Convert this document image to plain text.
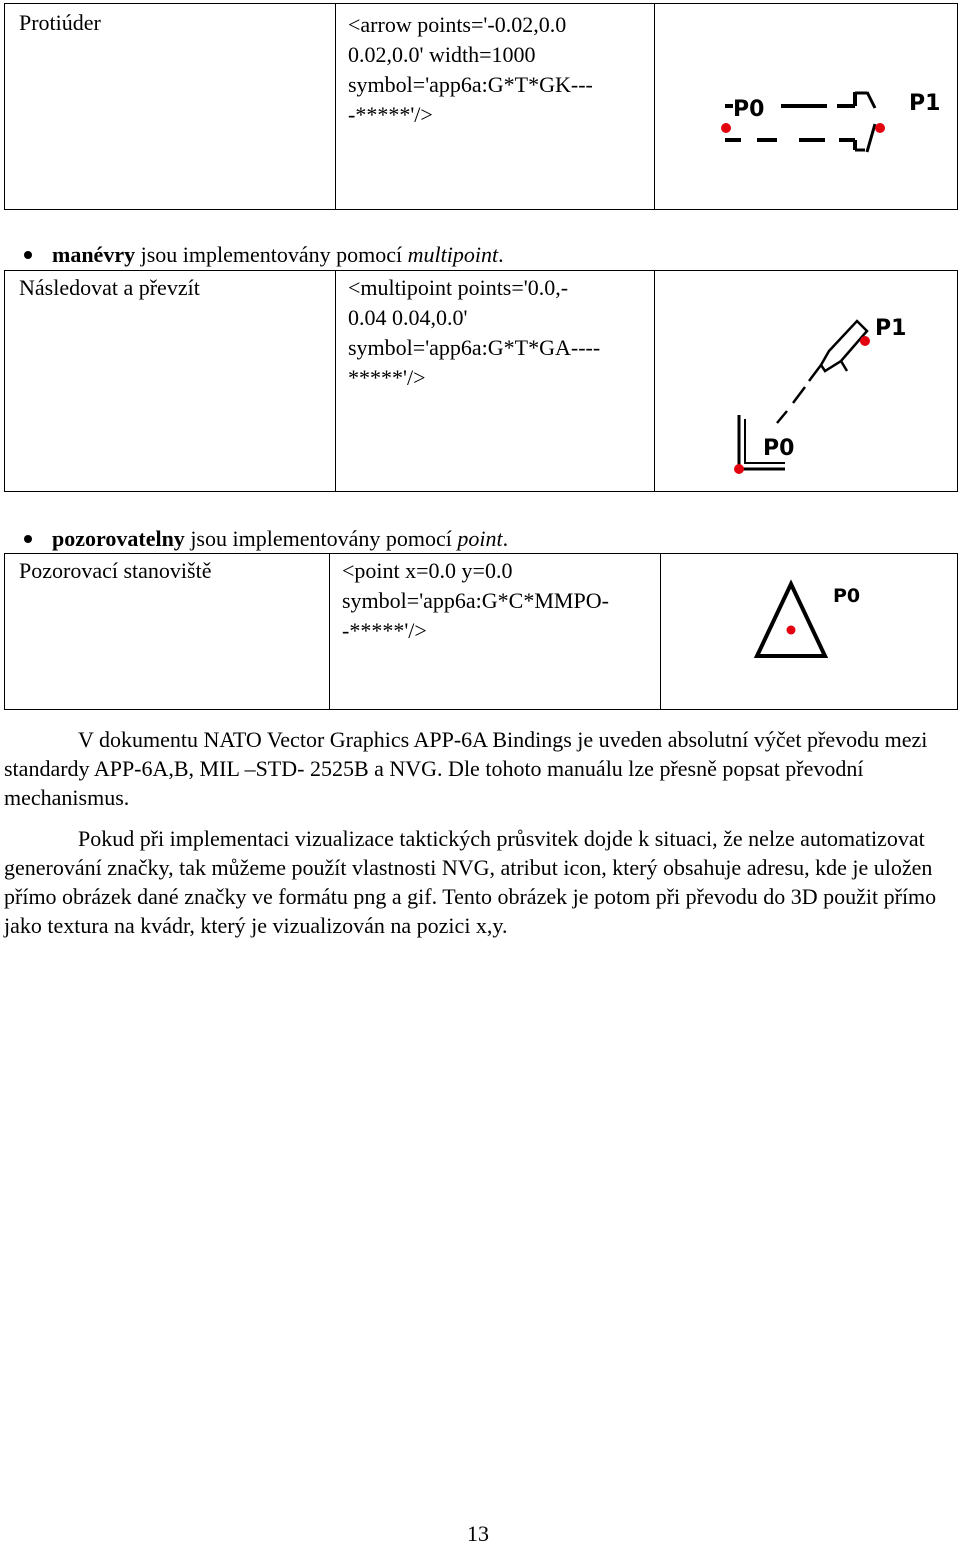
Protiúder	<arrow points='-0.02,0.0
0.02,0.0' width=1000
symbol='app6a:G*T*GK---
-*****'/>	P0	P1
manévry jsou implementovány pomocí multipoint.
Následovat a převzít	<multipoint points='0.0,-
0.04 0.04,0.0'
symbol='app6a:G*T*GA----
*****'/>

P1
P0
pozorovatelny jsou implementovány pomocí point.
Pozorovací stanoviště	<point x=0.0 y=0.0
symbol='app6a:G*C*MMPO-
-*****'/>

P0

V dokumentu NATO Vector Graphics APP-6A Bindings je uveden absolutní výčet převodu mezi standardy APP-6A,B, MIL –STD- 2525B a NVG. Dle tohoto manuálu lze přesně popsat převodní mechanismus.

Pokud při implementaci vizualizace taktických průsvitek dojde k situaci, že nelze automatizovat generování značky, tak můžeme použít vlastnosti NVG, atribut icon, který obsahuje adresu, kde je uložen přímo obrázek dané značky ve formátu png a gif. Tento obrázek je potom při převodu do 3D použit přímo jako textura na kvádr, který je vizualizován na pozici x,y.

13
